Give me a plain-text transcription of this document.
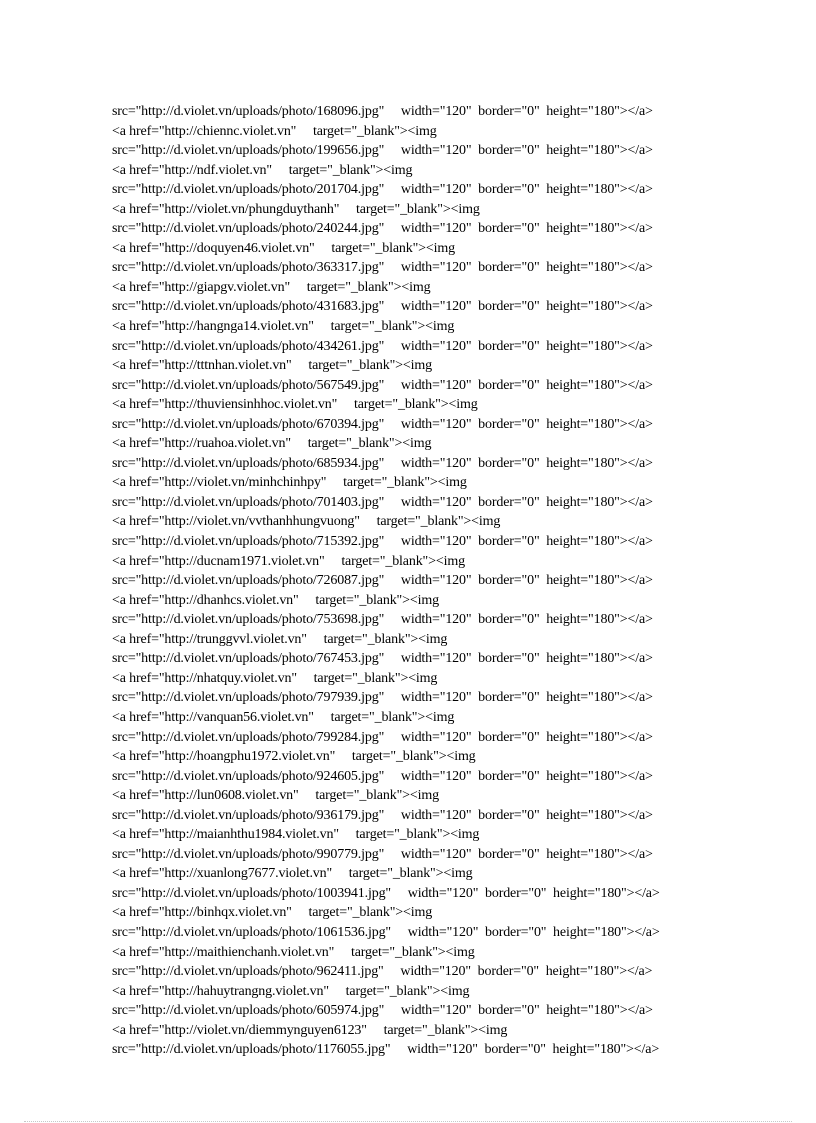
src="http://d.violet.vn/uploads/photo/168096.jpg"     width="120"  border="0"  height="180"></a>
<a href="http://chiennc.violet.vn"     target="_blank"><img
src="http://d.violet.vn/uploads/photo/199656.jpg"     width="120"  border="0"  height="180"></a>
<a href="http://ndf.violet.vn"     target="_blank"><img
src="http://d.violet.vn/uploads/photo/201704.jpg"     width="120"  border="0"  height="180"></a>
<a href="http://violet.vn/phungduythanh"     target="_blank"><img
src="http://d.violet.vn/uploads/photo/240244.jpg"     width="120"  border="0"  height="180"></a>
<a href="http://doquyen46.violet.vn"     target="_blank"><img
src="http://d.violet.vn/uploads/photo/363317.jpg"     width="120"  border="0"  height="180"></a>
<a href="http://giapgv.violet.vn"     target="_blank"><img
src="http://d.violet.vn/uploads/photo/431683.jpg"     width="120"  border="0"  height="180"></a>
<a href="http://hangnga14.violet.vn"     target="_blank"><img
src="http://d.violet.vn/uploads/photo/434261.jpg"     width="120"  border="0"  height="180"></a>
<a href="http://tttnhan.violet.vn"     target="_blank"><img
src="http://d.violet.vn/uploads/photo/567549.jpg"     width="120"  border="0"  height="180"></a>
<a href="http://thuviensinhhoc.violet.vn"     target="_blank"><img
src="http://d.violet.vn/uploads/photo/670394.jpg"     width="120"  border="0"  height="180"></a>
<a href="http://ruahoa.violet.vn"     target="_blank"><img
src="http://d.violet.vn/uploads/photo/685934.jpg"     width="120"  border="0"  height="180"></a>
<a href="http://violet.vn/minhchinhpy"     target="_blank"><img
src="http://d.violet.vn/uploads/photo/701403.jpg"     width="120"  border="0"  height="180"></a>
<a href="http://violet.vn/vvthanhhungvuong"     target="_blank"><img
src="http://d.violet.vn/uploads/photo/715392.jpg"     width="120"  border="0"  height="180"></a>
<a href="http://ducnam1971.violet.vn"     target="_blank"><img
src="http://d.violet.vn/uploads/photo/726087.jpg"     width="120"  border="0"  height="180"></a>
<a href="http://dhanhcs.violet.vn"     target="_blank"><img
src="http://d.violet.vn/uploads/photo/753698.jpg"     width="120"  border="0"  height="180"></a>
<a href="http://trunggvvl.violet.vn"     target="_blank"><img
src="http://d.violet.vn/uploads/photo/767453.jpg"     width="120"  border="0"  height="180"></a>
<a href="http://nhatquy.violet.vn"     target="_blank"><img
src="http://d.violet.vn/uploads/photo/797939.jpg"     width="120"  border="0"  height="180"></a>
<a href="http://vanquan56.violet.vn"     target="_blank"><img
src="http://d.violet.vn/uploads/photo/799284.jpg"     width="120"  border="0"  height="180"></a>
<a href="http://hoangphu1972.violet.vn"     target="_blank"><img
src="http://d.violet.vn/uploads/photo/924605.jpg"     width="120"  border="0"  height="180"></a>
<a href="http://lun0608.violet.vn"     target="_blank"><img
src="http://d.violet.vn/uploads/photo/936179.jpg"     width="120"  border="0"  height="180"></a>
<a href="http://maianhthu1984.violet.vn"     target="_blank"><img
src="http://d.violet.vn/uploads/photo/990779.jpg"     width="120"  border="0"  height="180"></a>
<a href="http://xuanlong7677.violet.vn"     target="_blank"><img
src="http://d.violet.vn/uploads/photo/1003941.jpg"     width="120"  border="0"  height="180"></a>
<a href="http://binhqx.violet.vn"     target="_blank"><img
src="http://d.violet.vn/uploads/photo/1061536.jpg"     width="120"  border="0"  height="180"></a>
<a href="http://maithienchanh.violet.vn"     target="_blank"><img
src="http://d.violet.vn/uploads/photo/962411.jpg"     width="120"  border="0"  height="180"></a>
<a href="http://hahuytrangng.violet.vn"     target="_blank"><img
src="http://d.violet.vn/uploads/photo/605974.jpg"     width="120"  border="0"  height="180"></a>
<a href="http://violet.vn/diemmynguyen6123"     target="_blank"><img
src="http://d.violet.vn/uploads/photo/1176055.jpg"     width="120"  border="0"  height="180"></a>
